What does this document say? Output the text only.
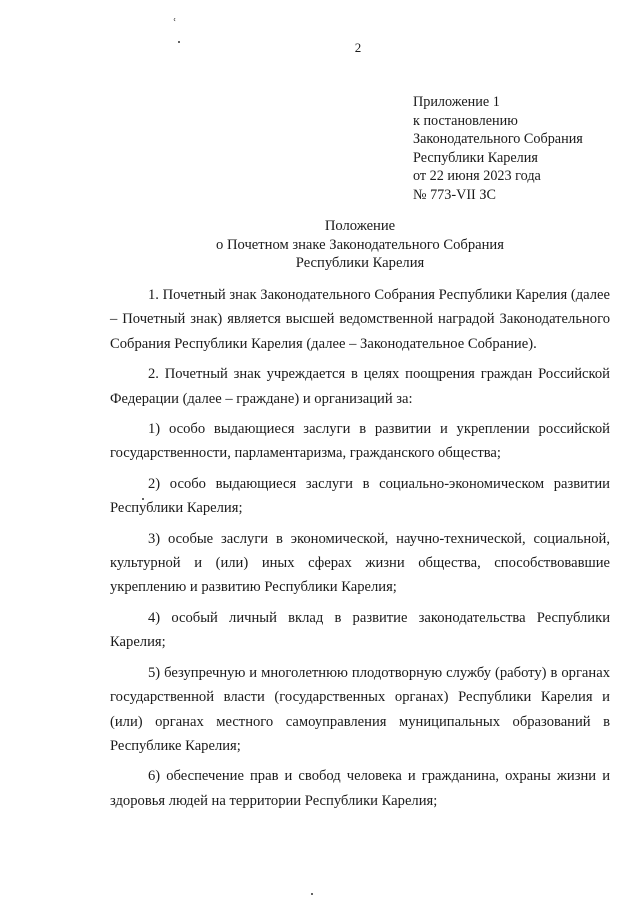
ʿ
2
Приложение 1
к постановлению
Законодательного Собрания
Республики Карелия
от 22 июня 2023 года
№ 773-VII ЗС
Положение
о Почетном знаке Законодательного Собрания
Республики Карелия

1. Почетный знак Законодательного Собрания Республики Карелия (далее – Почетный знак) является высшей ведомственной наградой Законодательного Собрания Республики Карелия (далее – Законодательное Собрание).

2. Почетный знак учреждается в целях поощрения граждан Российской Федерации (далее – граждане) и организаций за:

1) особо выдающиеся заслуги в развитии и укреплении российской государственности, парламентаризма, гражданского общества;

2) особо выдающиеся заслуги в социально-экономическом развитии Республики Карелия;

3) особые заслуги в экономической, научно-технической, социальной, культурной и (или) иных сферах жизни общества, способствовавшие укреплению и развитию Республики Карелия;

4) особый личный вклад в развитие законодательства Республики Карелия;

5) безупречную и многолетнюю плодотворную службу (работу) в органах государственной власти (государственных органах) Республики Карелия и (или) органах местного самоуправления муниципальных образований в Республике Карелия;

6) обеспечение прав и свобод человека и гражданина, охраны жизни и здоровья людей на территории Республики Карелия;
